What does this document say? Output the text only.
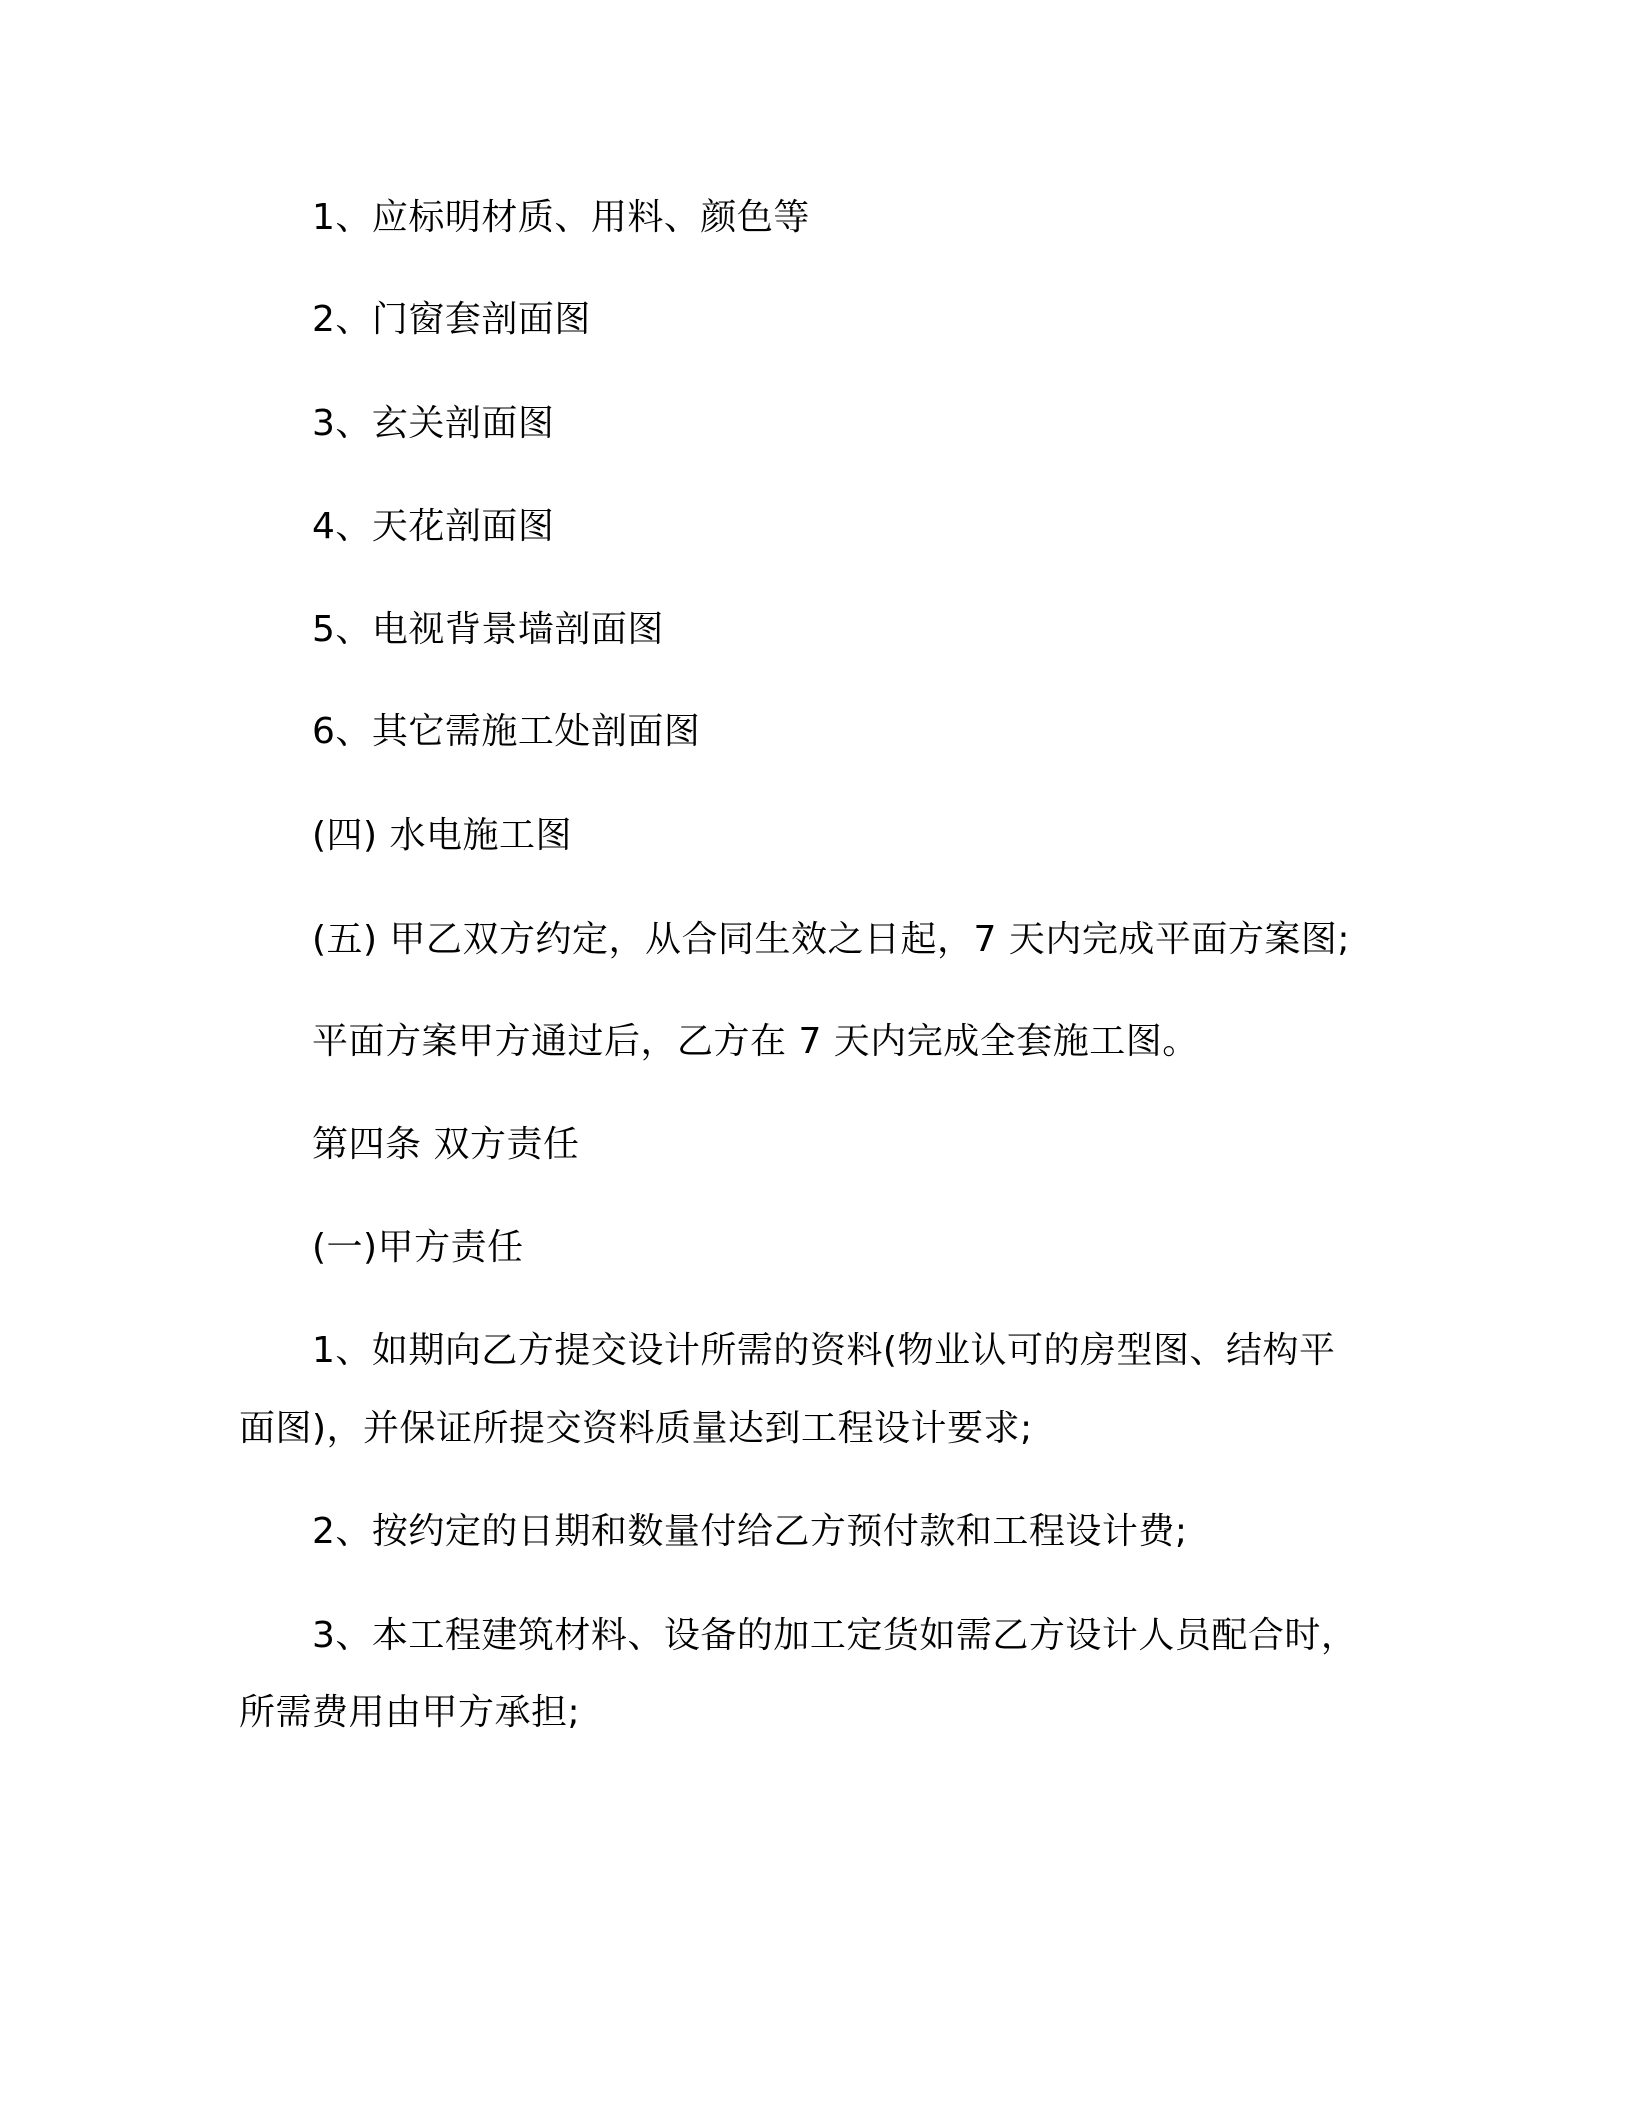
1、应标明材质、用料、颜色等

2、门窗套剖面图

3、玄关剖面图

4、天花剖面图

5、电视背景墙剖面图

6、其它需施工处剖面图

(四) 水电施工图

(五) 甲乙双方约定，从合同生效之日起，7 天内完成平面方案图;

平面方案甲方通过后，乙方在 7 天内完成全套施工图。

第四条 双方责任

(一)甲方责任

1、如期向乙方提交设计所需的资料(物业认可的房型图、结构平

面图)，并保证所提交资料质量达到工程设计要求;

2、按约定的日期和数量付给乙方预付款和工程设计费;

3、本工程建筑材料、设备的加工定货如需乙方设计人员配合时，

所需费用由甲方承担;
